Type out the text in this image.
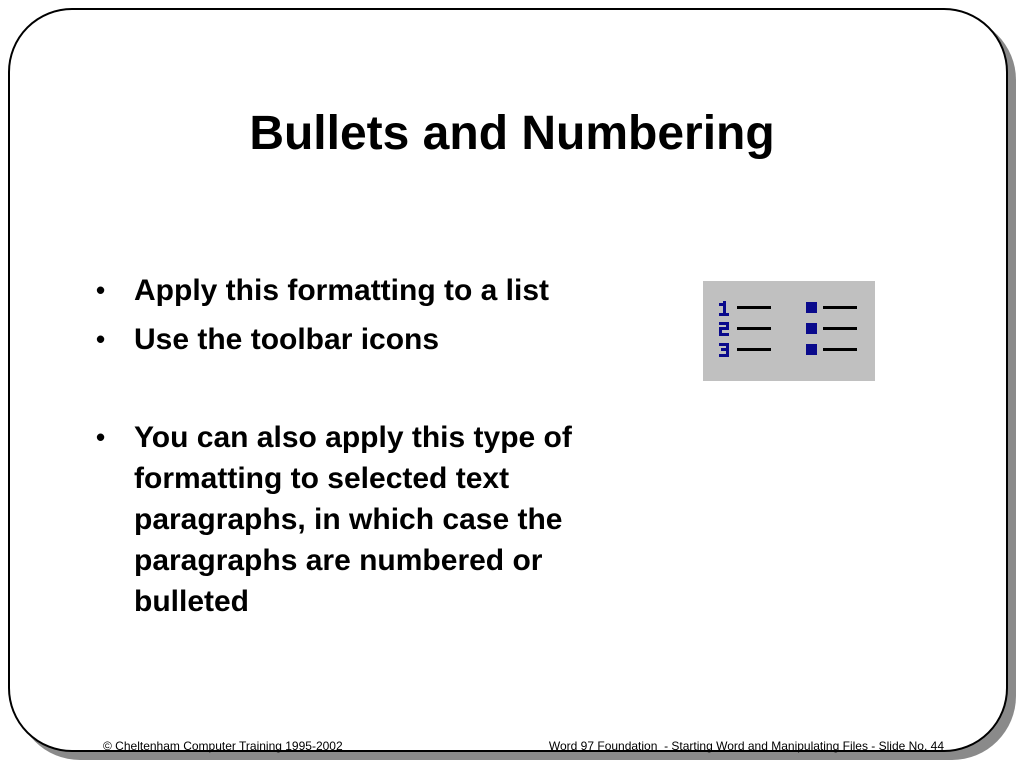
Bullets and Numbering
• Apply this formatting to a list
• Use the toolbar icons
• You can also apply this type of formatting to selected text paragraphs, in which case the paragraphs are numbered or bulleted
© Cheltenham Computer Training 1995-2002	Word 97 Foundation  - Starting Word and Manipulating Files - Slide No. 44
